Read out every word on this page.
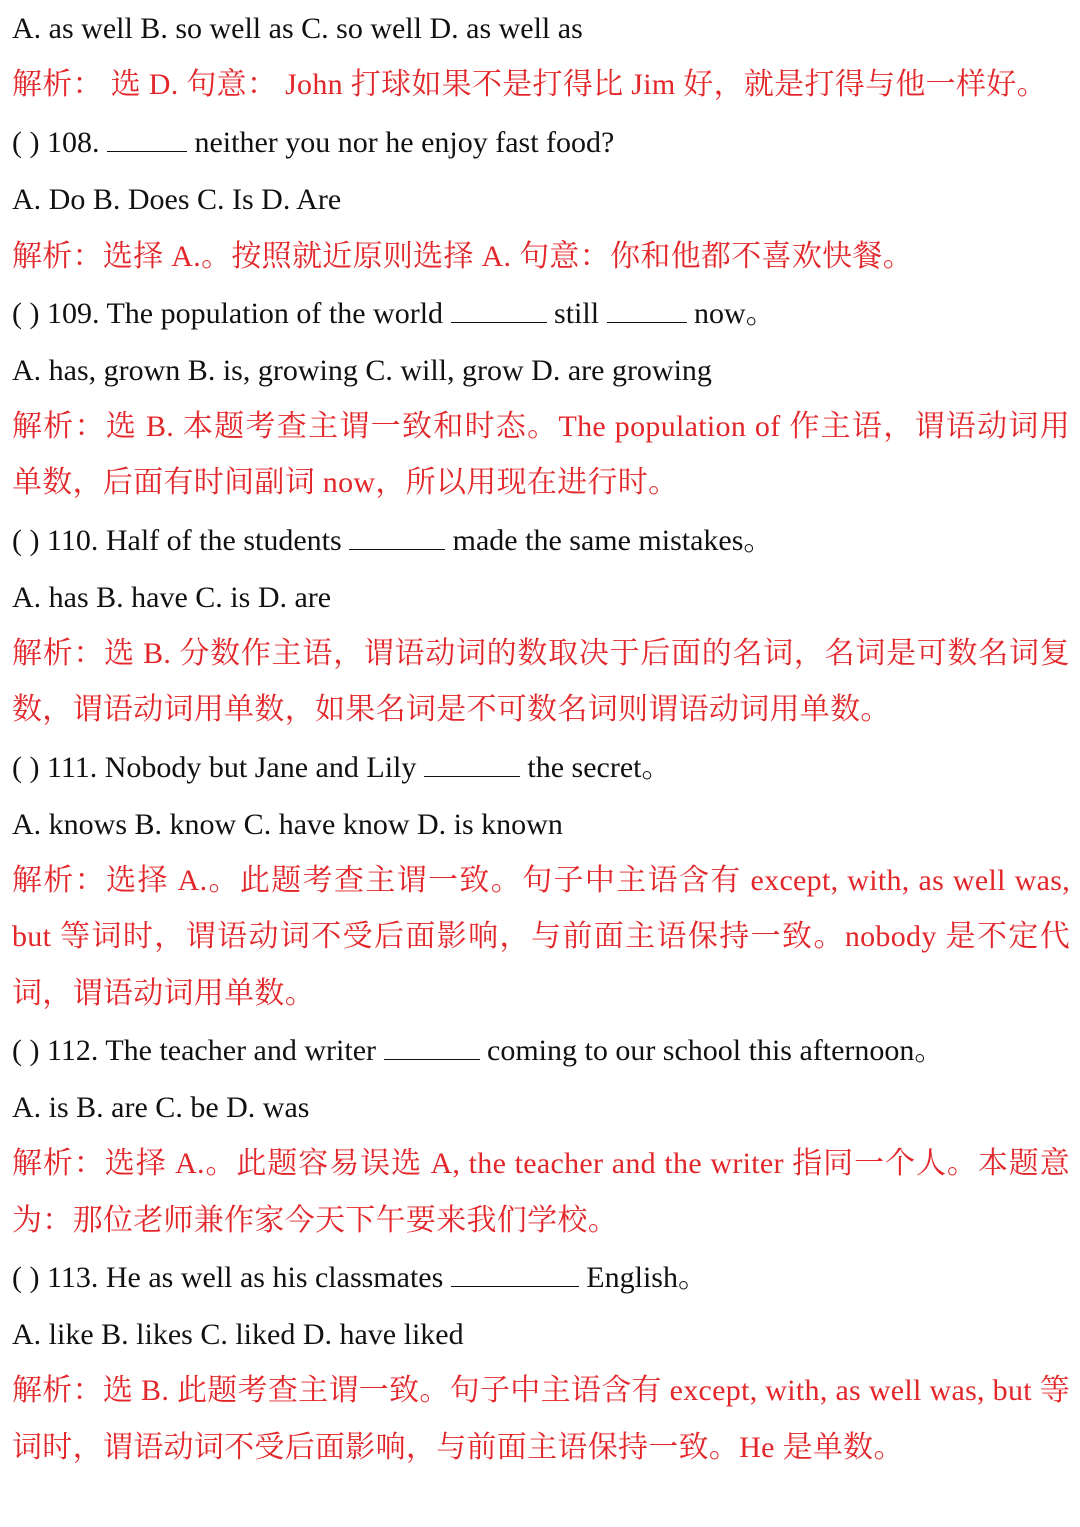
A. as well B. so well as C. so well D. as well as
解析： 选 D. 句意： John 打球如果不是打得比 Jim 好，就是打得与他一样好。
( ) 108.	neither you nor he enjoy fast food?
A. Do B. Does C. Is D. Are
解析：选择 A.。按照就近原则选择 A. 句意：你和他都不喜欢快餐。
( ) 109. The population of the world	still	now。
A. has, grown B. is, growing C. will, grow D. are growing
解析：选 B. 本题考查主谓一致和时态。The population of 作主语，谓语动词用单数，后面有时间副词 now，所以用现在进行时。
( ) 110. Half of the students	made the same mistakes。
A. has B. have C. is D. are
解析：选 B. 分数作主语，谓语动词的数取决于后面的名词，名词是可数名词复数，谓语动词用单数，如果名词是不可数名词则谓语动词用单数。
( ) 111. Nobody but Jane and Lily	the secret。
A. knows B. know C. have know D. is known
解析：选择 A.。此题考查主谓一致。句子中主语含有 except, with, as well was, but 等词时，谓语动词不受后面影响，与前面主语保持一致。nobody 是不定代词，谓语动词用单数。
( ) 112. The teacher and writer	coming to our school this afternoon。
A. is B. are C. be D. was
解析：选择 A.。此题容易误选 A, the teacher and the writer 指同一个人。本题意为：那位老师兼作家今天下午要来我们学校。
( ) 113. He as well as his classmates	English。
A. like B. likes C. liked D. have liked
解析：选 B. 此题考查主谓一致。句子中主语含有 except, with, as well was, but 等词时，谓语动词不受后面影响，与前面主语保持一致。He 是单数。
